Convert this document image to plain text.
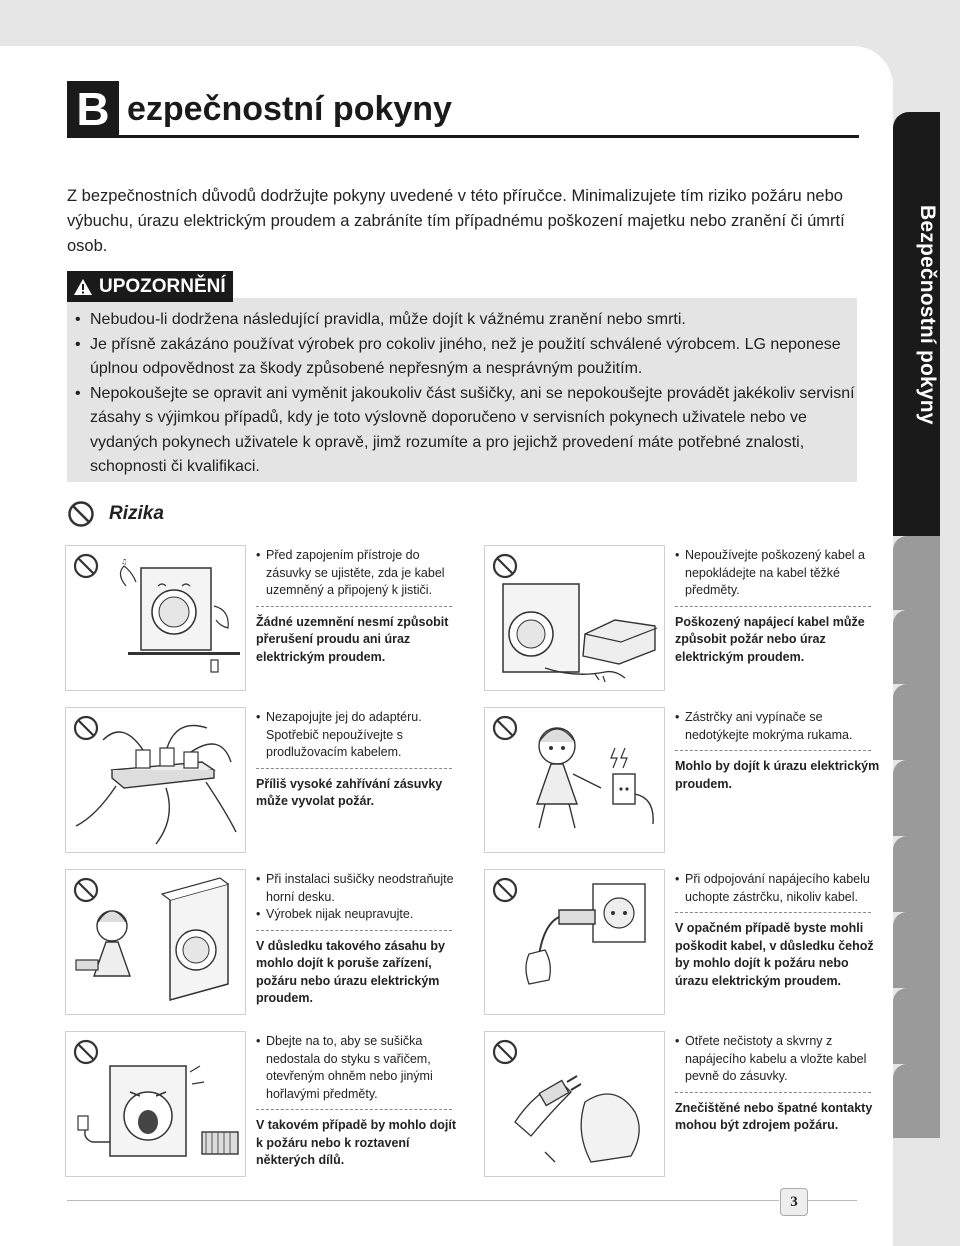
Bezpečnostní pokyny
B ezpečnostní pokyny
Z bezpečnostních důvodů dodržujte pokyny uvedené v této příručce. Minimalizujete tím riziko požáru nebo výbuchu, úrazu elektrickým proudem a zabráníte tím případnému poškození majetku nebo zranění či úmrtí osob.
UPOZORNĚNÍ
• Nebudou-li dodržena následující pravidla, může dojít k vážnému zranění nebo smrti.
• Je přísně zakázáno používat výrobek pro cokoliv jiného, než je použití schválené výrobcem. LG neponese úplnou odpovědnost za škody způsobené nepřesným a nesprávným použitím.
• Nepokoušejte se opravit ani vyměnit jakoukoliv část sušičky, ani se nepokoušejte provádět jakékoliv servisní zásahy s výjimkou případů, kdy je toto výslovně doporučeno v servisních pokynech uživatele nebo ve vydaných pokynech uživatele k opravě, jimž rozumíte a pro jejichž provedení máte potřebné znalosti, schopnosti či kvalifikaci.
Rizika
♫
•	Před zapojením přístroje do zásuvky se ujistěte, zda je kabel uzemněný a připojený k jističi.
Žádné uzemnění nesmí způsobit přerušení proudu ani úraz elektrickým proudem.
• Nepoužívejte poškozený kabel a nepokládejte na kabel těžké předměty.
Poškozený napájecí kabel může způsobit požár nebo úraz elektrickým proudem.
• Nezapojujte jej do adaptéru. Spotřebič nepoužívejte s prodlužovacím kabelem.
Příliš vysoké zahřívání zásuvky může vyvolat požár.
• Zástrčky ani vypínače se nedotýkejte mokrýma rukama.
Mohlo by dojít k úrazu elektrickým proudem.
• Při instalaci sušičky neodstraňujte horní desku.
• Výrobek nijak neupravujte.
V důsledku takového zásahu by mohlo dojít k poruše zařízení, požáru nebo úrazu elektrickým proudem.
• Při odpojování napájecího kabelu uchopte zástrčku, nikoliv kabel.
V opačném případě byste mohli poškodit kabel, v důsledku čehož by mohlo dojít k požáru nebo úrazu elektrickým proudem.
• Dbejte na to, aby se sušička nedostala do styku s vařičem, otevřeným ohněm nebo jinými hořlavými předměty.
V takovém případě by mohlo dojít k požáru nebo k roztavení některých dílů.
• Otřete nečistoty a skvrny z napájecího kabelu a vložte kabel pevně do zásuvky.
Znečištěné nebo špatné kontakty mohou být zdrojem požáru.
3
